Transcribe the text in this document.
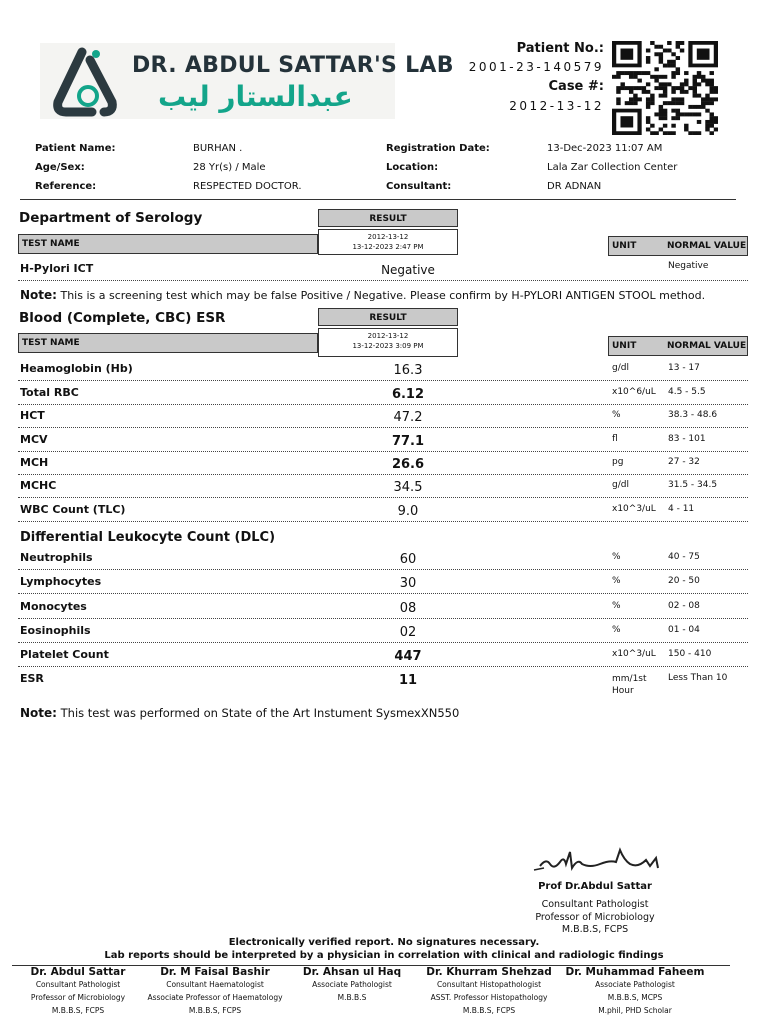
DR. ABDUL SATTAR'S LAB
عبدالستار لیب
Patient No.:
2001-23-140579
Case #:
2012-13-12
Patient Name:	BURHAN .
Age/Sex:	28 Yr(s) / Male
Reference:	RESPECTED DOCTOR.
Registration Date:	13-Dec-2023 11:07 AM
Location:	Lala Zar Collection Center
Consultant:	DR ADNAN
Department of Serology	RESULT
TEST NAME
2012-13-12
13-12-2023 2:47 PM	UNIT	NORMAL VALUE
H-Pylori ICT	Negative	Negative
Note: This is a screening test which may be false Positive / Negative. Please confirm by H-PYLORI ANTIGEN STOOL method.
Blood (Complete, CBC) ESR	RESULT
TEST NAME
2012-13-12
13-12-2023 3:09 PM	UNIT	NORMAL VALUE
Heamoglobin (Hb)	16.3	g/dl	13 - 17
Total RBC	6.12	x10^6/uL 4.5 - 5.5
HCT	47.2	%	38.3 - 48.6
MCV	77.1	fl	83 - 101
MCH	26.6	pg	27 - 32
MCHC	34.5	g/dl	31.5 - 34.5
WBC Count (TLC)	9.0	x10^3/uL 4 - 11
Differential Leukocyte Count (DLC)
Neutrophils	60	%	40 - 75
Lymphocytes	30	%	20 - 50
Monocytes	08	%	02 - 08
Eosinophils	02	%	01 - 04
Platelet Count	447	x10^3/uL 150 - 410
ESR	11	mm/1st
Hour
Less Than 10
Note: This test was performed on State of the Art Instument SysmexXN550
Prof Dr.Abdul Sattar
Consultant Pathologist
Professor of Microbiology
M.B.B.S, FCPS
Electronically verified report. No signatures necessary.
Lab reports should be interpreted by a physician in correlation with clinical and radiologic findings
Dr. Abdul Sattar
Consultant Pathologist
Professor of Microbiology
M.B.B.S, FCPS
Dr. M Faisal Bashir
Consultant Haematologist
Associate Professor of Haematology
M.B.B.S, FCPS
Dr. Ahsan ul Haq
Associate Pathologist
M.B.B.S
Dr. Khurram Shehzad
Consultant Histopathologist
ASST. Professor Histopathology
M.B.B.S, FCPS
Dr. Muhammad Faheem
Associate Pathologist
M.B.B.S, MCPS
M.phil, PHD Scholar
